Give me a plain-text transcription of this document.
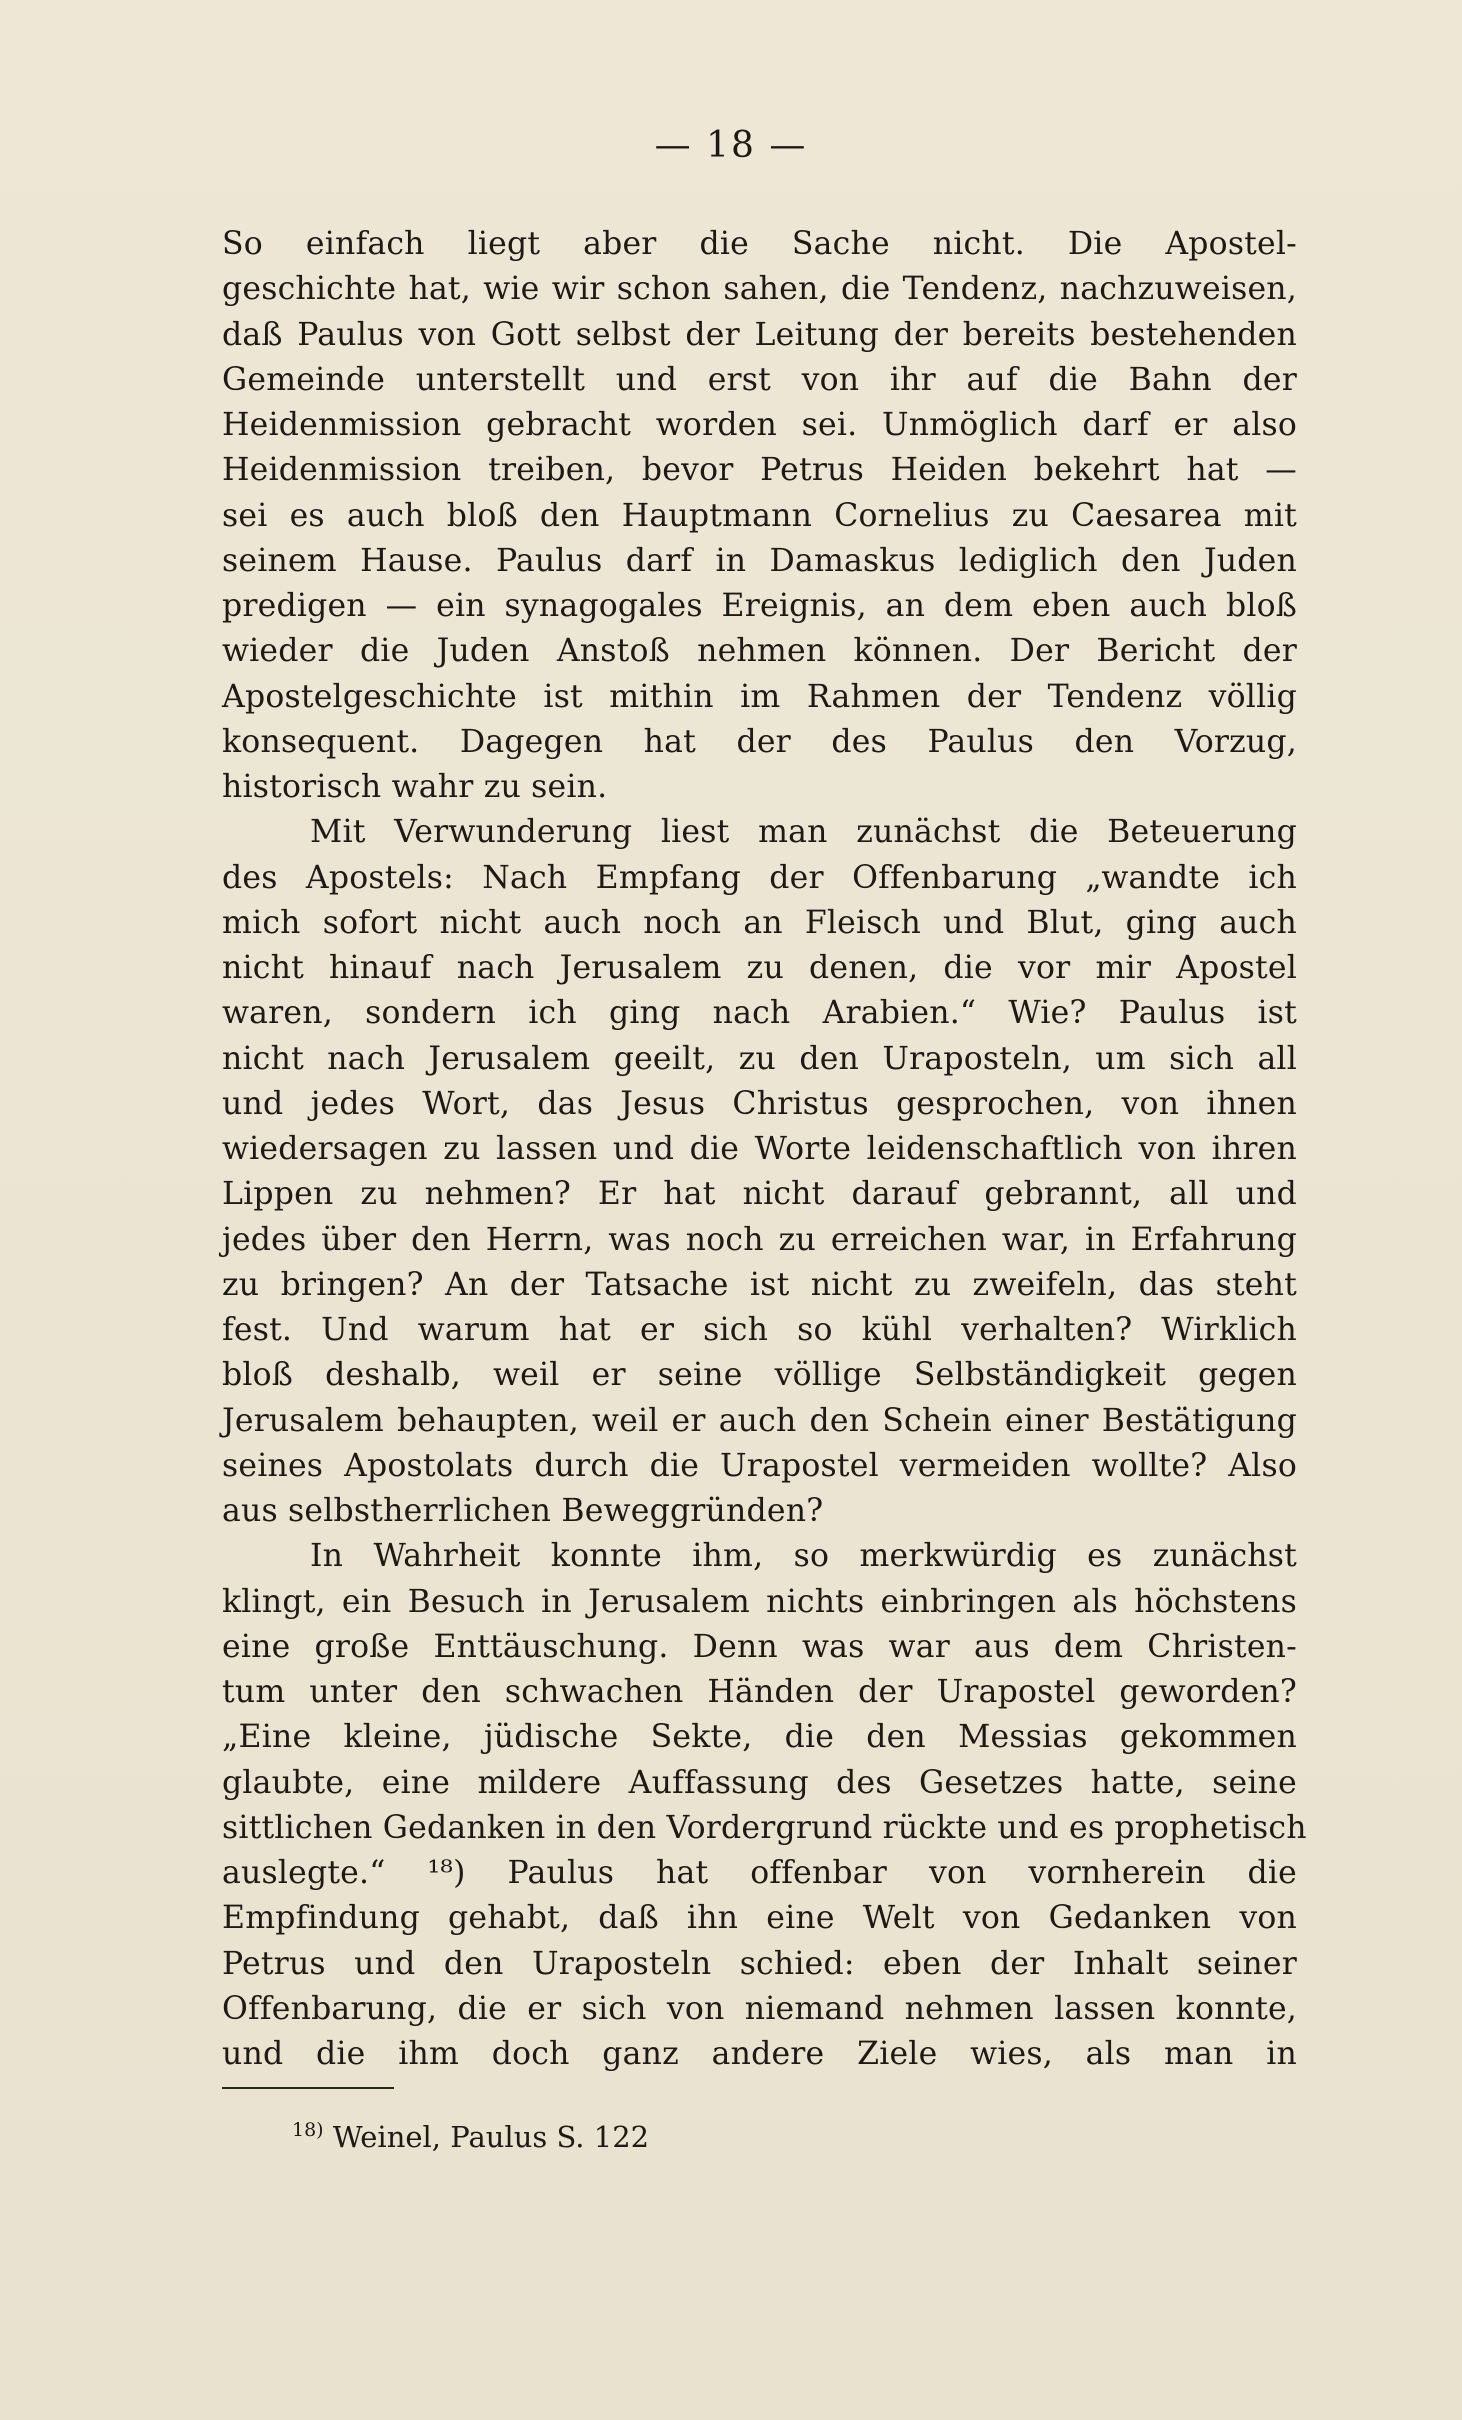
— 18 —
So einfach liegt aber die Sache nicht. Die Apostel-
geschichte hat, wie wir schon sahen, die Tendenz, nachzuweisen,
daß Paulus von Gott selbst der Leitung der bereits bestehenden
Gemeinde unterstellt und erst von ihr auf die Bahn der
Heidenmission gebracht worden sei. Unmöglich darf er also
Heidenmission treiben, bevor Petrus Heiden bekehrt hat —
sei es auch bloß den Hauptmann Cornelius zu Caesarea mit
seinem Hause. Paulus darf in Damaskus lediglich den Juden
predigen — ein synagogales Ereignis, an dem eben auch bloß
wieder die Juden Anstoß nehmen können. Der Bericht der
Apostelgeschichte ist mithin im Rahmen der Tendenz völlig
konsequent. Dagegen hat der des Paulus den Vorzug,
historisch wahr zu sein.
Mit Verwunderung liest man zunächst die Beteuerung
des Apostels: Nach Empfang der Offenbarung „wandte ich
mich sofort nicht auch noch an Fleisch und Blut, ging auch
nicht hinauf nach Jerusalem zu denen, die vor mir Apostel
waren, sondern ich ging nach Arabien.“ Wie? Paulus ist
nicht nach Jerusalem geeilt, zu den Uraposteln, um sich all
und jedes Wort, das Jesus Christus gesprochen, von ihnen
wiedersagen zu lassen und die Worte leidenschaftlich von ihren
Lippen zu nehmen? Er hat nicht darauf gebrannt, all und
jedes über den Herrn, was noch zu erreichen war, in Erfahrung
zu bringen? An der Tatsache ist nicht zu zweifeln, das steht
fest. Und warum hat er sich so kühl verhalten? Wirklich
bloß deshalb, weil er seine völlige Selbständigkeit gegen
Jerusalem behaupten, weil er auch den Schein einer Bestätigung
seines Apostolats durch die Urapostel vermeiden wollte? Also
aus selbstherrlichen Beweggründen?
In Wahrheit konnte ihm, so merkwürdig es zunächst
klingt, ein Besuch in Jerusalem nichts einbringen als höchstens
eine große Enttäuschung. Denn was war aus dem Christen-
tum unter den schwachen Händen der Urapostel geworden?
„Eine kleine, jüdische Sekte, die den Messias gekommen
glaubte, eine mildere Auffassung des Gesetzes hatte, seine
sittlichen Gedanken in den Vordergrund rückte und es prophetisch
auslegte.“ ¹⁸) Paulus hat offenbar von vornherein die
Empfindung gehabt, daß ihn eine Welt von Gedanken von
Petrus und den Uraposteln schied: eben der Inhalt seiner
Offenbarung, die er sich von niemand nehmen lassen konnte,
und die ihm doch ganz andere Ziele wies, als man in
$^{18)}$ Weinel, Paulus S. 122
